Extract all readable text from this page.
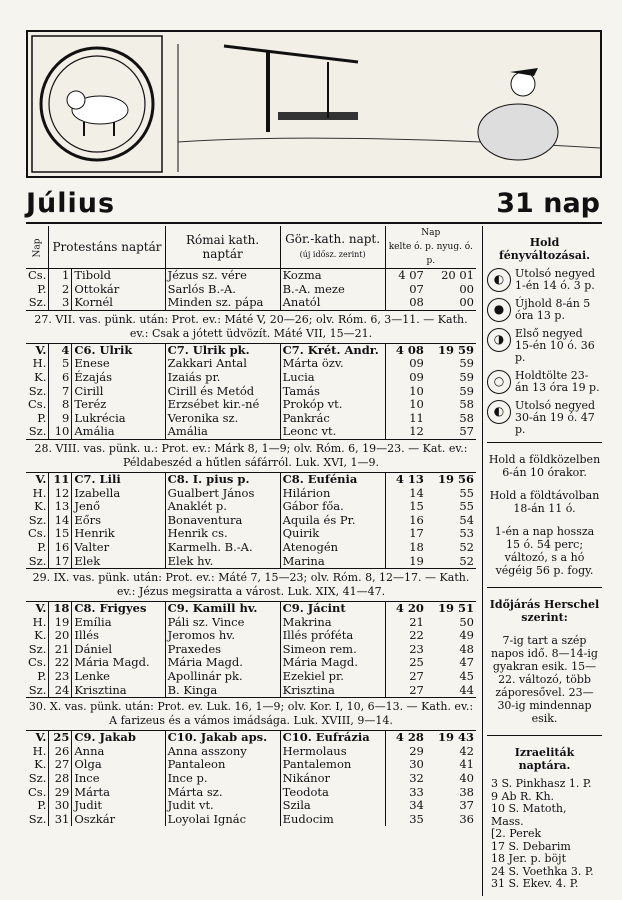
Július	31 nap
Nap	Protestáns naptár		Római kath. naptár	Gör.-kath. napt.
(új idősz. zerint)	Nap
kelte ó. p. nyug. ó. p.	
Cs.	1	Tibold	Jézus sz. vére	Kozma	4 07	20 01
P.	2	Ottokár	Sarlós B.-A.	B.-A. meze	07	00
Sz.	3	Kornél	Minden sz. pápa	Anatól	08	00
27. VII. vas. pünk. után: Prot. ev.: Máté V, 20—26; olv. Róm. 6, 3—11. — Kath. ev.: Csak a jótett üdvözít. Máté VII, 15—21.						
V.	4	C6. Ulrik	C7. Ulrik pk.	C7. Krét. Andr.	4 08	19 59
H.	5	Enese	Zakkari Antal	Márta özv.	09	59
K.	6	Ézajás	Izaiás pr.	Lucia	09	59
Sz.	7	Cirill	Cirill és Metód	Tamás	10	59
Cs.	8	Teréz	Erzsébet kir.-né	Prokóp vt.	10	58
P.	9	Lukrécia	Veronika sz.	Pankrác	11	58
Sz.	10	Amália	Amália	Leonc vt.	12	57
28. VIII. vas. pünk. u.: Prot. ev.: Márk 8, 1—9; olv. Róm. 6, 19—23. — Kat. ev.: Példabeszéd a hűtlen sáfárról. Luk. XVI, 1—9.						
V.	11	C7. Lili	C8. I. pius p.	C8. Eufénia	4 13	19 56
H.	12	Izabella	Gualbert János	Hilárion	14	55
K.	13	Jenő	Anaklét p.	Gábor főa.	15	55
Sz.	14	Eőrs	Bonaventura	Aquila és Pr.	16	54
Cs.	15	Henrik	Henrik cs.	Quirik	17	53
P.	16	Valter	Karmelh. B.-A.	Atenogén	18	52
Sz.	17	Elek	Elek hv.	Marina	19	52
29. IX. vas. pünk. után: Prot. ev.: Máté 7, 15—23; olv. Róm. 8, 12—17. — Kath. ev.: Jézus megsiratta a várost. Luk. XIX, 41—47.						
V.	18	C8. Frigyes	C9. Kamill hv.	C9. Jácint	4 20	19 51
H.	19	Emília	Páli sz. Vince	Makrina	21	50
K.	20	Illés	Jeromos hv.	Illés próféta	22	49
Sz.	21	Dániel	Praxedes	Simeon rem.	23	48
Cs.	22	Mária Magd.	Mária Magd.	Mária Magd.	25	47
P.	23	Lenke	Apollinár pk.	Ezekiel pr.	27	45
Sz.	24	Krisztina	B. Kinga	Krisztina	27	44
30. X. vas. pünk. után: Prot. ev. Luk. 16, 1—9; olv. Kor. I, 10, 6—13. — Kath. ev.: A farizeus és a vámos imádsága. Luk. XVIII, 9—14.						
V.	25	C9. Jakab	C10. Jakab aps.	C10. Eufrázia	4 28	19 43
H.	26	Anna	Anna asszony	Hermolaus	29	42
K.	27	Olga	Pantaleon	Pantalemon	30	41
Sz.	28	Ince	Ince p.	Nikánor	32	40
Cs.	29	Márta	Márta sz.	Teodota	33	38
P.	30	Judit	Judit vt.	Szila	34	37
Sz.	31	Oszkár	Loyolai Ignác	Eudocim	35	36
Hold fényváltozásai.
◐ Utolsó negyed 1-én 14 ó. 3 p.
● Újhold 8-án 5 óra 13 p.
◑ Első negyed 15-én 10 ó. 36 p.
○ Holdtölte 23-án 13 óra 19 p.
◐ Utolsó negyed 30-án 19 ó. 47 p.
Hold a földközelben 6-án 10 órakor.
Hold a földtávolban 18-án 11 ó.
1-én a nap hossza 15 ó. 54 perc; változó, s a hó végéig 56 p. fogy.
Időjárás Herschel szerint:
7-ig tart a szép napos idő. 8—14-ig gyakran esik. 15—22. változó, több záporesővel. 23—30-ig mindennap esik.
Izraeliták naptára.
3 S. Pinkhasz 1. P.
9 Ab R. Kh.
10 S. Matoth, Mass.
[2. Perek
17 S. Debarim
18 Jer. p. böjt
24 S. Voethka 3. P.
31 S. Ekev. 4. P.
